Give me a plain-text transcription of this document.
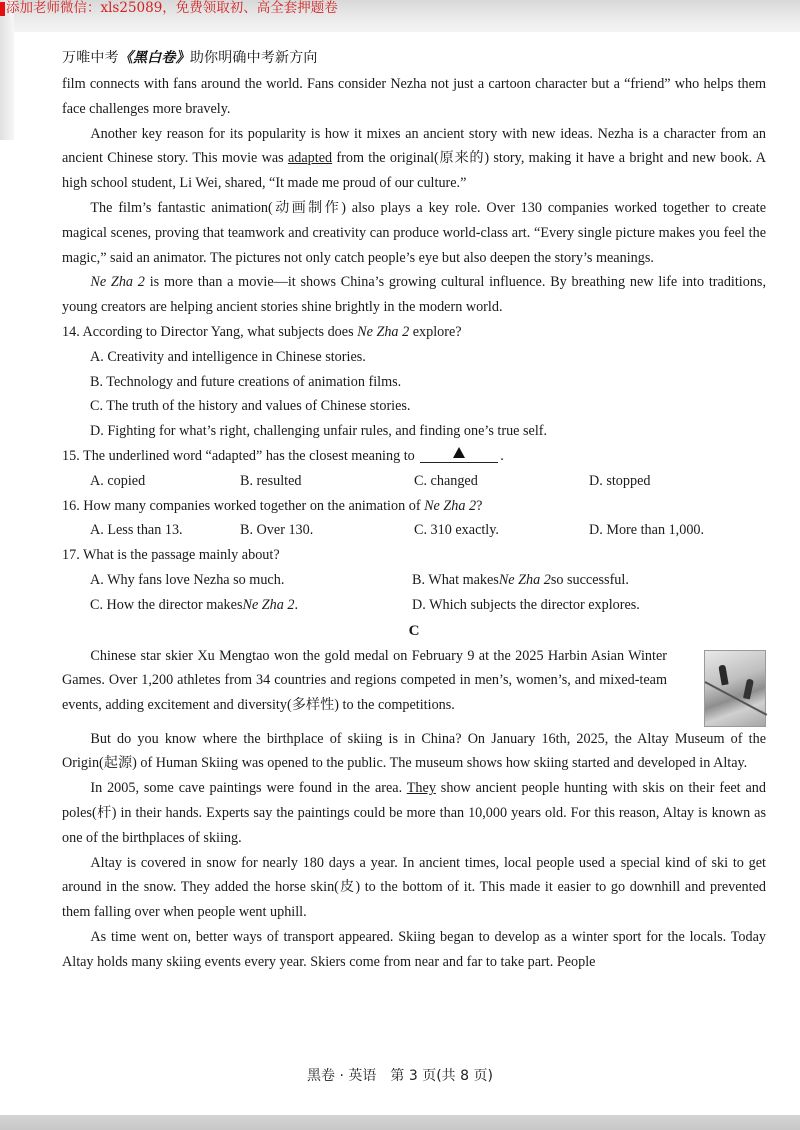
添加老师微信：xls25089，免费领取初、高全套押题卷
万唯中考《黑白卷》助你明确中考新方向

film connects with fans around the world. Fans consider Nezha not just a cartoon character but a “friend” who helps them face challenges more bravely.

Another key reason for its popularity is how it mixes an ancient story with new ideas. Nezha is a character from an ancient Chinese story. This movie was adapted from the original(原来的) story, making it have a bright and new book. A high school student, Li Wei, shared, “It made me proud of our culture.”

The film’s fantastic animation(动画制作) also plays a key role. Over 130 companies worked together to create magical scenes, proving that teamwork and creativity can produce world-class art. “Every single picture makes you feel the magic,” said an animator. The pictures not only catch people’s eye but also deepen the story’s meanings.

Ne Zha 2 is more than a movie—it shows China’s growing cultural influence. By breathing new life into traditions, young creators are helping ancient stories shine brightly in the modern world.

14. According to Director Yang, what subjects does Ne Zha 2 explore?

A. Creativity and intelligence in Chinese stories.

B. Technology and future creations of animation films.

C. The truth of the history and values of Chinese stories.

D. Fighting for what’s right, challenging unfair rules, and finding one’s true self.

15. The underlined word “adapted” has the closest meaning to	.

A. copied	B. resulted	C. changed	D. stopped

16. How many companies worked together on the animation of Ne Zha 2?

A. Less than 13.	B. Over 130.	C. 310 exactly.	D. More than 1,000.

17. What is the passage mainly about?

A. Why fans love Nezha so much.	B. What makesNe Zha 2so successful.
C. How the director makesNe Zha 2.	D. Which subjects the director explores.

C

Chinese star skier Xu Mengtao won the gold medal on February 9 at the 2025 Harbin Asian Winter Games. Over 1,200 athletes from 34 countries and regions competed in men’s, women’s, and mixed-team events, adding excitement and diversity(多样性) to the competitions.

But do you know where the birthplace of skiing is in China? On January 16th, 2025, the Altay Museum of the Origin(起源) of Human Skiing was opened to the public. The museum shows how skiing started and developed in Altay.

In 2005, some cave paintings were found in the area. They show ancient people hunting with skis on their feet and poles(杆) in their hands. Experts say the paintings could be more than 10,000 years old. For this reason, Altay is known as one of the birthplaces of skiing.

Altay is covered in snow for nearly 180 days a year. In ancient times, local people used a special kind of ski to get around in the snow. They added the horse skin(皮) to the bottom of it. This made it easier to go downhill and prevented them falling over when people went uphill.

As time went on, better ways of transport appeared. Skiing began to develop as a winter sport for the locals. Today Altay holds many skiing events every year. Skiers come from near and far to take part. People

黑卷 · 英语　第 3 页(共 8 页)
